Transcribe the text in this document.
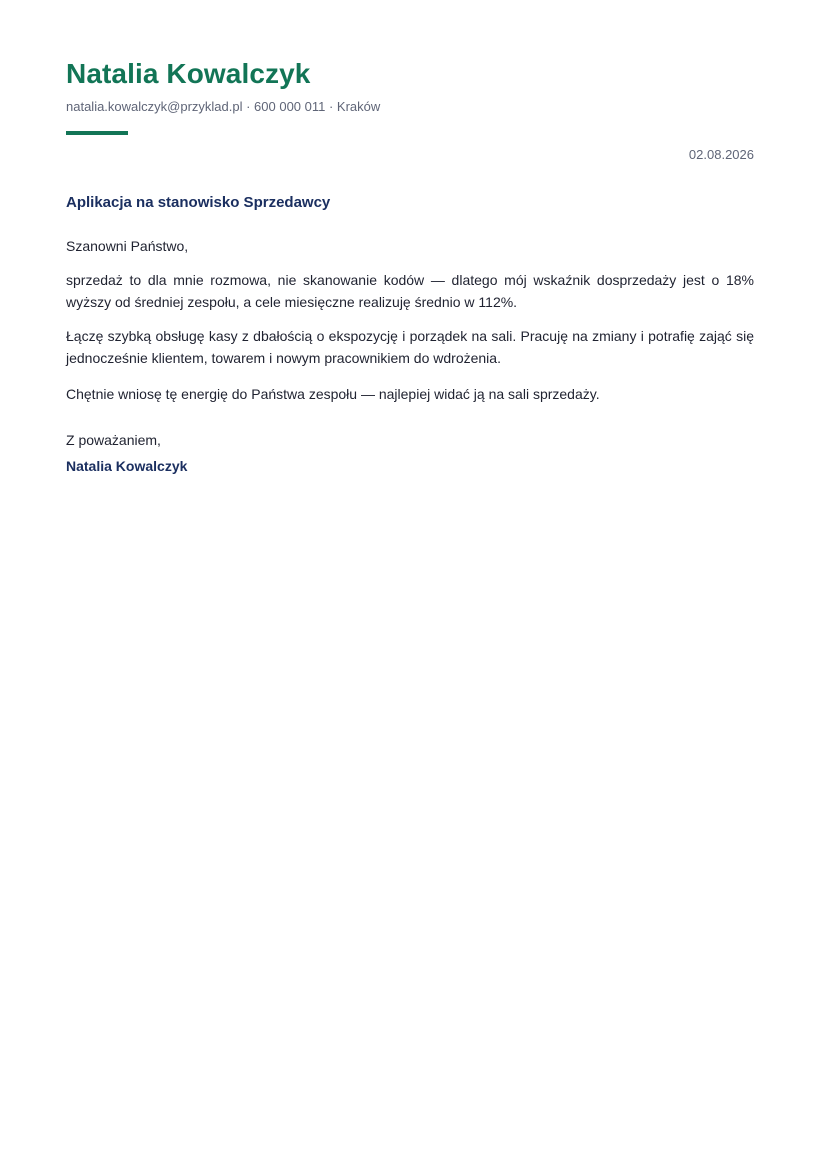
Natalia Kowalczyk
natalia.kowalczyk@przyklad.pl · 600 000 011 · Kraków
02.08.2026
Aplikacja na stanowisko Sprzedawcy
Szanowni Państwo,

sprzedaż to dla mnie rozmowa, nie skanowanie kodów — dlatego mój wskaźnik dosprzedaży jest o 18% wyższy od średniej zespołu, a cele miesięczne realizuję średnio w 112%.

Łączę szybką obsługę kasy z dbałością o ekspozycję i porządek na sali. Pracuję na zmiany i potrafię zająć się jednocześnie klientem, towarem i nowym pracownikiem do wdrożenia.

Chętnie wniosę tę energię do Państwa zespołu — najlepiej widać ją na sali sprzedaży.

Z poważaniem,
Natalia Kowalczyk
